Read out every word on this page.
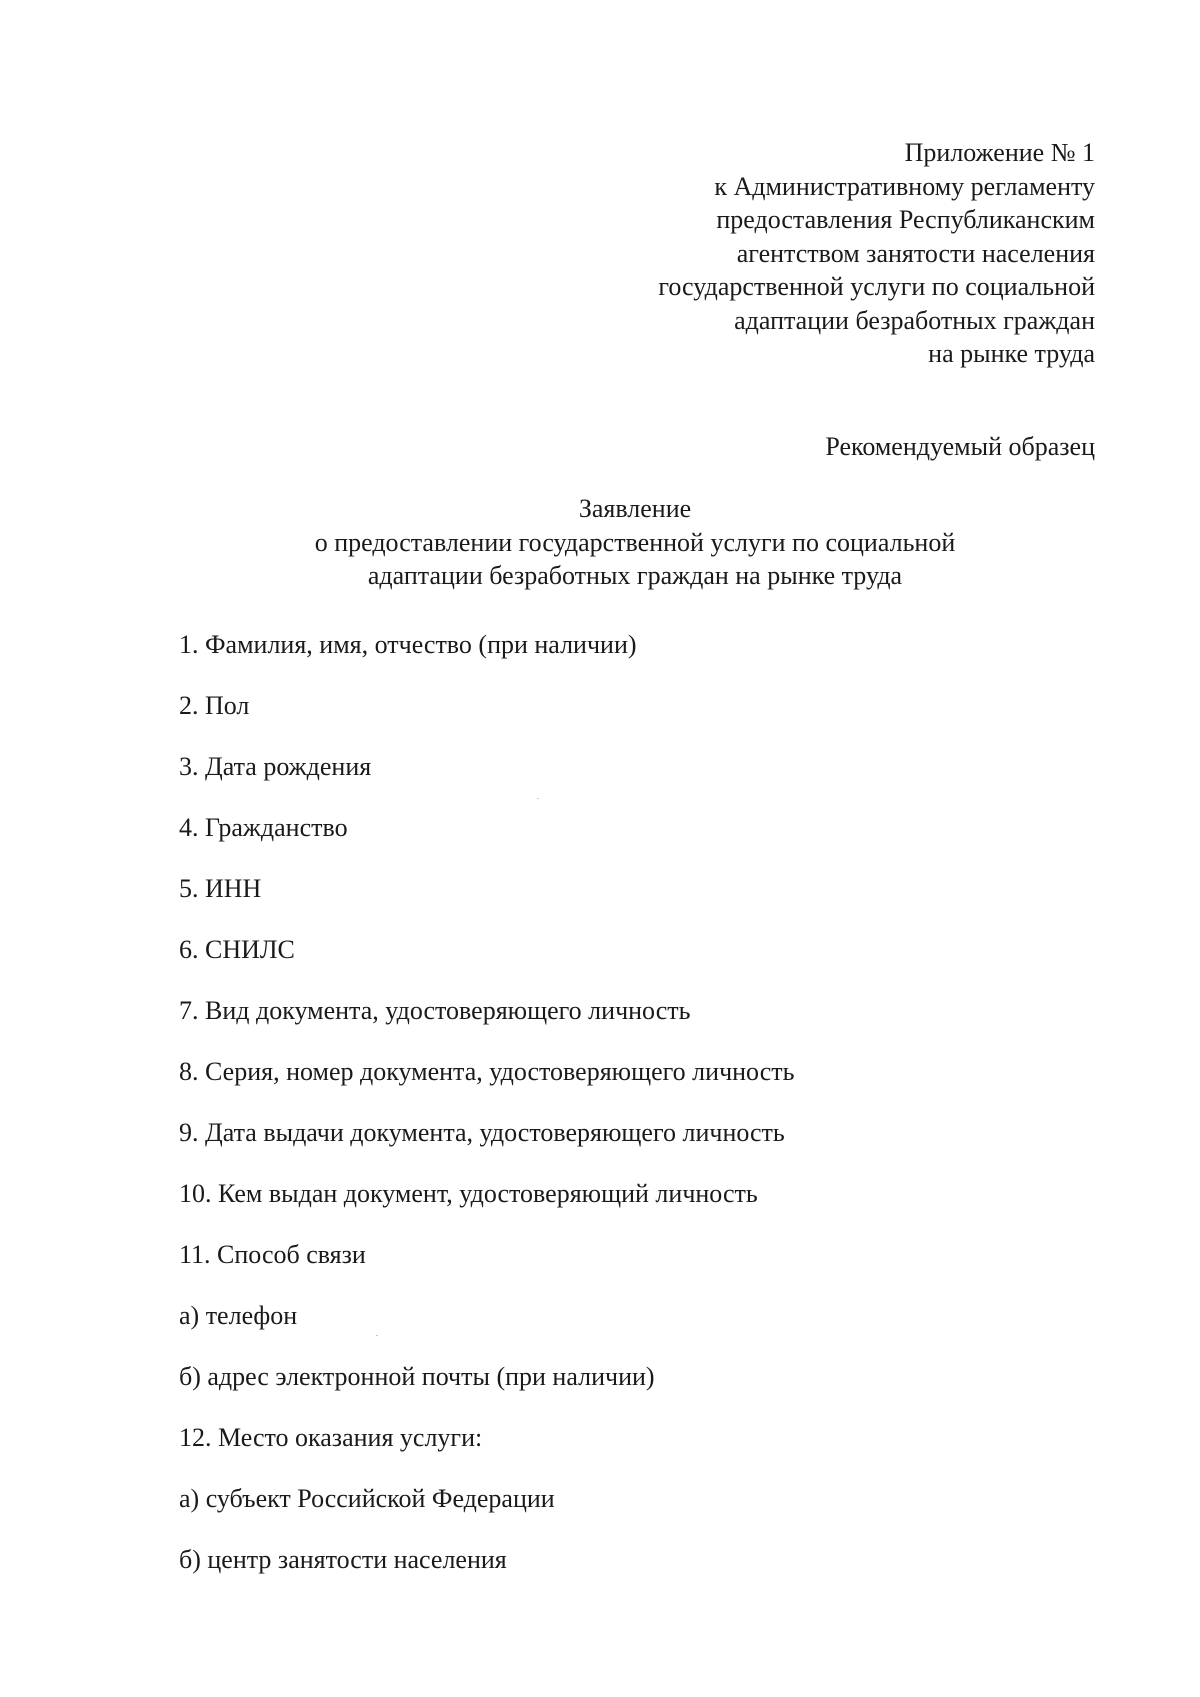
Приложение № 1
к Административному регламенту
предоставления Республиканским
агентством занятости населения
государственной услуги по социальной
адаптации безработных граждан
на рынке труда
Рекомендуемый образец
Заявление
о предоставлении государственной услуги по социальной
адаптации безработных граждан на рынке труда
1. Фамилия, имя, отчество (при наличии)
2. Пол
3. Дата рождения
4. Гражданство
5. ИНН
6. СНИЛС
7. Вид документа, удостоверяющего личность
8. Серия, номер документа, удостоверяющего личность
9. Дата выдачи документа, удостоверяющего личность
10. Кем выдан документ, удостоверяющий личность
11. Способ связи
а) телефон
б) адрес электронной почты (при наличии)
12. Место оказания услуги:
а) субъект Российской Федерации
б) центр занятости населения
